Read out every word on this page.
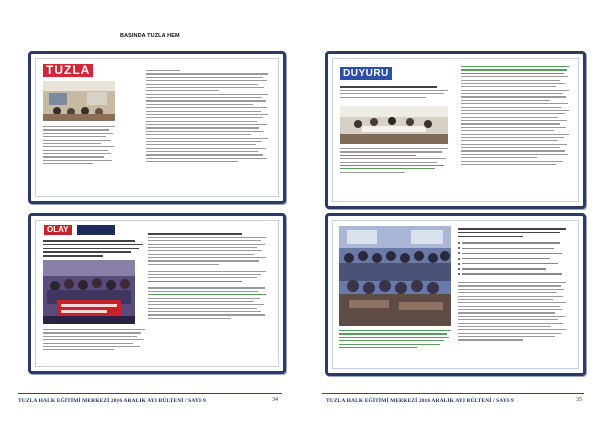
BASINDA TUZLA HEM
TUZLA	DUYURU
OLAY
TUZLA HALK EĞİTİMİ MERKEZİ 2016 ARALIK AYI BÜLTENİ / SAYI-9	34	TUZLA HALK EĞİTİMİ MERKEZİ 2016 ARALIK AYI BÜLTENİ / SAYI-9	35
